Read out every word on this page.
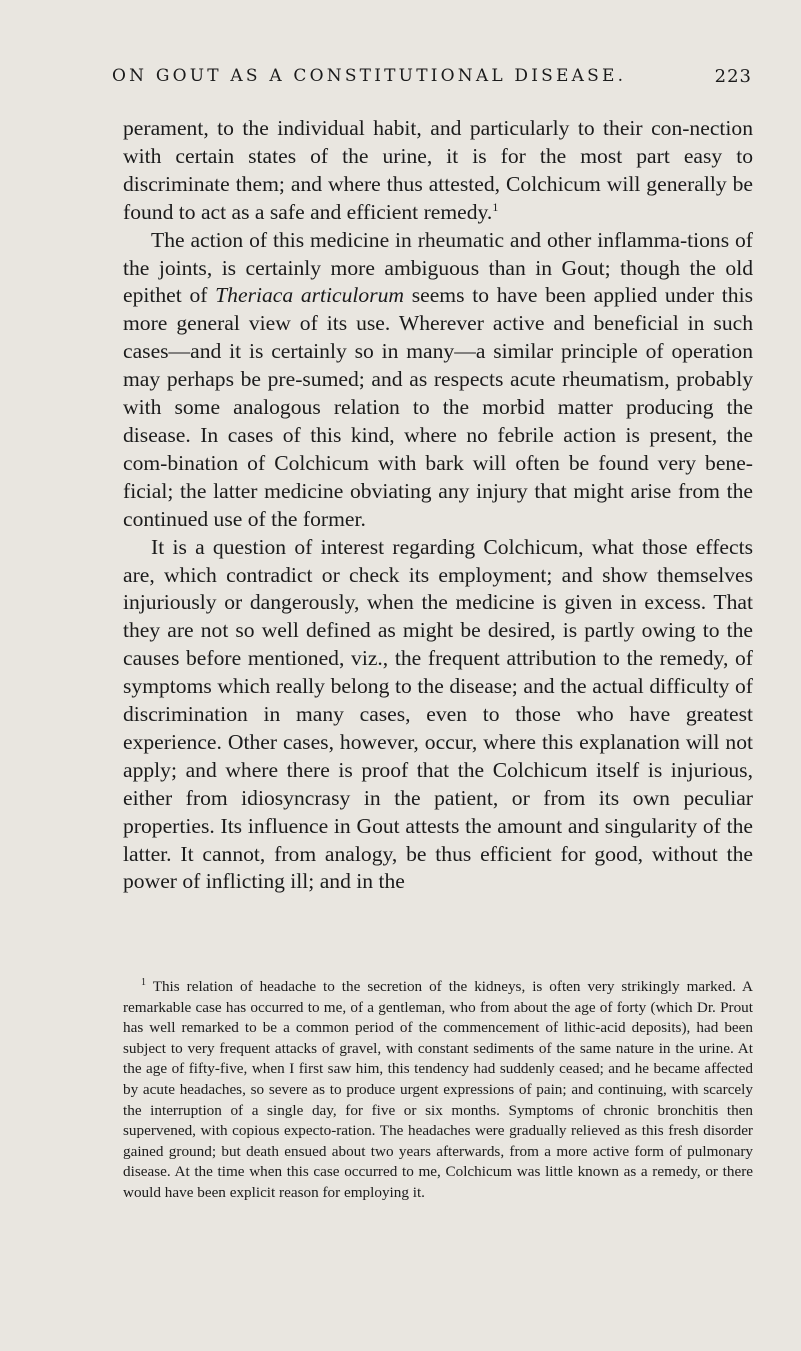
ON GOUT AS A CONSTITUTIONAL DISEASE.	223

perament, to the individual habit, and particularly to their con-nection with certain states of the urine, it is for the most part easy to discriminate them; and where thus attested, Colchicum will generally be found to act as a safe and efficient remedy.$^1$

The action of this medicine in rheumatic and other inflamma-tions of the joints, is certainly more ambiguous than in Gout; though the old epithet of Theriaca articulorum seems to have been applied under this more general view of its use. Wherever active and beneficial in such cases—and it is certainly so in many—a similar principle of operation may perhaps be pre-sumed; and as respects acute rheumatism, probably with some analogous relation to the morbid matter producing the disease. In cases of this kind, where no febrile action is present, the com-bination of Colchicum with bark will often be found very bene-ficial; the latter medicine obviating any injury that might arise from the continued use of the former.

It is a question of interest regarding Colchicum, what those effects are, which contradict or check its employment; and show themselves injuriously or dangerously, when the medicine is given in excess. That they are not so well defined as might be desired, is partly owing to the causes before mentioned, viz., the frequent attribution to the remedy, of symptoms which really belong to the disease; and the actual difficulty of discrimination in many cases, even to those who have greatest experience. Other cases, however, occur, where this explanation will not apply; and where there is proof that the Colchicum itself is injurious, either from idiosyncrasy in the patient, or from its own peculiar properties. Its influence in Gout attests the amount and singularity of the latter. It cannot, from analogy, be thus efficient for good, without the power of inflicting ill; and in the

$^1$ This relation of headache to the secretion of the kidneys, is often very strikingly marked. A remarkable case has occurred to me, of a gentleman, who from about the age of forty (which Dr. Prout has well remarked to be a common period of the commencement of lithic-acid deposits), had been subject to very frequent attacks of gravel, with constant sediments of the same nature in the urine. At the age of fifty-five, when I first saw him, this tendency had suddenly ceased; and he became affected by acute headaches, so severe as to produce urgent expressions of pain; and continuing, with scarcely the interruption of a single day, for five or six months. Symptoms of chronic bronchitis then supervened, with copious expecto-ration. The headaches were gradually relieved as this fresh disorder gained ground; but death ensued about two years afterwards, from a more active form of pulmonary disease. At the time when this case occurred to me, Colchicum was little known as a remedy, or there would have been explicit reason for employing it.
